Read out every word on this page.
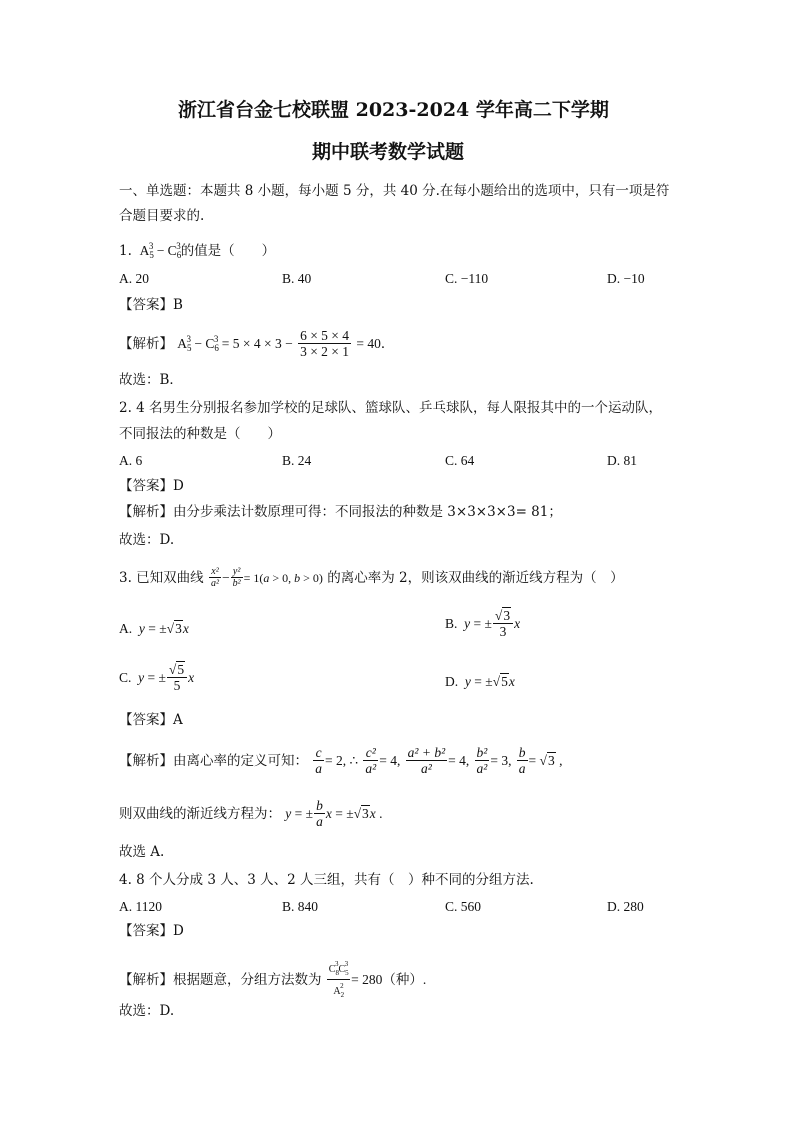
浙江省台金七校联盟 2023-2024 学年高二下学期
期中联考数学试题
一、单选题：本题共 8 小题，每小题 5 分，共 40 分.在每小题给出的选项中，只有一项是符
合题目要求的.
1.  $A_5^3 - C_6^3$的值是（　　）
A. 20	B. 40	C. −110	D. −10
【答案】B
【解析】 $A_5^3 - C_6^3 = 5 \times 4 \times 3 - \frac{6 \times 5 \times 4}{3 \times 2 \times 1} = 40$．
故选：B．
2. 4 名男生分别报名参加学校的足球队、篮球队、乒乓球队，每人限报其中的一个运动队，
不同报法的种数是（　　）
A. 6	B. 24	C. 64	D. 81
【答案】D
【解析】由分步乘法计数原理可得：不同报法的种数是 3×3×3×3= 81；
故选：D.
3. 已知双曲线 $\frac{\text{x²}}{\text{a²}} - \frac{\text{y²}}{\text{b²}} = 1(a > 0$, b > 0) 的离心率为 2，则该双曲线的渐近线方程为（　）
A. y = ±√3x	B. y = ± $\frac{√3}{3}$ x
C. y = ± $\frac{√5}{5}$ x	D. y = ±√5x
【答案】A
【解析】由离心率的定义可知： $\frac{c}{a} = 2$, ∴ $\frac{\text{c²}}{\text{a²}} = 4$, $\frac{\text{a² + b²}}{\text{a²}} = 4$, $\frac{\text{b²}}{\text{a²}} = 3$, $\frac{b}{a} = √3$ ,
则双曲线的渐近线方程为： y = ± $\frac{b}{a}$ x = ±√3x .
故选 A.
4. 8 个人分成 3 人、3 人、2 人三组，共有（　）种不同的分组方法.
A. 1120	B. 840	C. 560	D. 280
【答案】D
【解析】根据题意，分组方法数为 $\frac{C_8^3C_5^3}{A_2^2} = 280$（种）.
故选：D.
